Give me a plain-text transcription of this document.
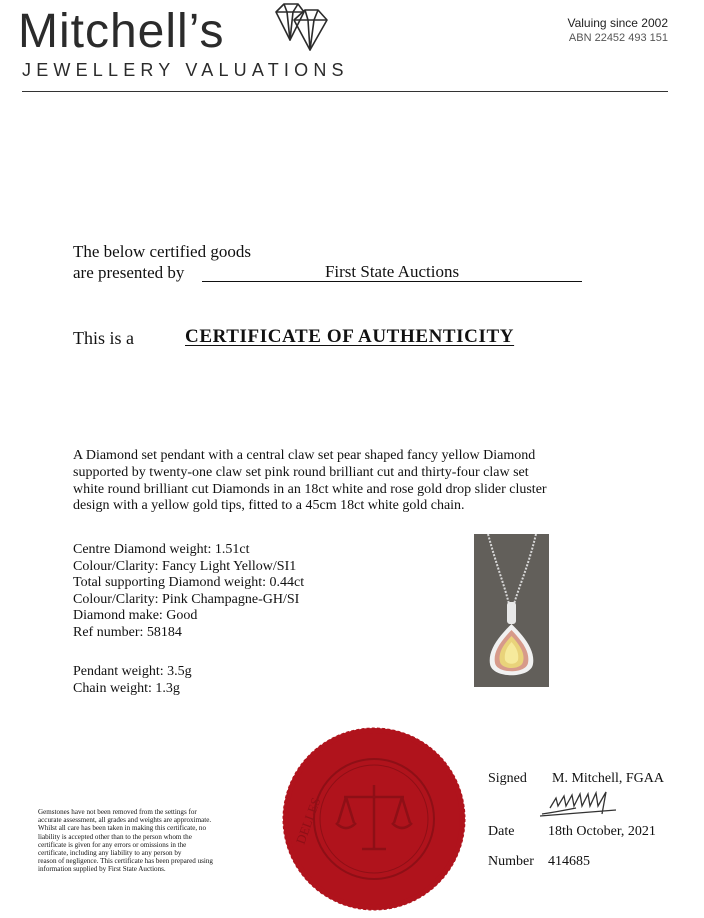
Mitchell’s
JEWELLERY VALUATIONS
Valuing since 2002
ABN 22452 493 151
The below certified goods
are presented by	First State Auctions
This is a	CERTIFICATE OF AUTHENTICITY
A Diamond set pendant with a central claw set pear shaped fancy yellow Diamond
supported by twenty-one claw set pink round brilliant cut and thirty-four claw set
white round brilliant cut Diamonds in an 18ct white and rose gold drop slider cluster
design with a yellow gold tips, fitted to a 45cm 18ct white gold chain.
Centre Diamond weight: 1.51ct
Colour/Clarity: Fancy Light Yellow/SI1
Total supporting Diamond weight: 0.44ct
Colour/Clarity: Pink Champagne-GH/SI
Diamond make: Good
Ref number: 58184
Pendant weight: 3.5g
Chain weight: 1.3g
DELLES
Gemstones have not been removed from the settings for
accurate assessment, all grades and weights are approximate.
Whilst all care has been taken in making this certificate, no
liability is accepted other than to the person whom the
certificate is given for any errors or omissions in the
certificate, including any liability to any person by
reason of negligence. This certificate has been prepared using
information supplied by First State Auctions.
Signed M. Mitchell, FGAA
Date 18th October, 2021
Number 414685
